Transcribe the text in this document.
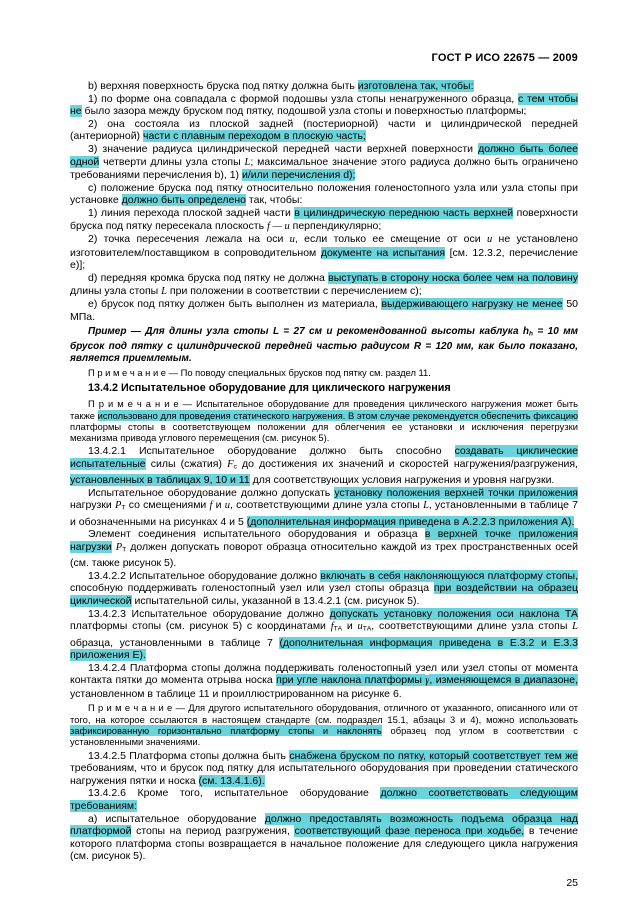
ГОСТ Р ИСО 22675 — 2009

b) верхняя поверхность бруска под пятку должна быть изготовлена так, чтобы:

1) по форме она совпадала с формой подошвы узла стопы ненагруженного образца, с тем чтобы не было зазора между бруском под пятку, подошвой узла стопы и поверхностью платформы;

2) она состояла из плоской задней (постериорной) части и цилиндрической передней (антериорной) части с плавным переходом в плоскую часть;

3) значение радиуса цилиндрической передней части верхней поверхности должно быть более одной четверти длины узла стопы L; максимальное значение этого радиуса должно быть ограничено требованиями перечисления b), 1) и/или перечисления d);

c) положение бруска под пятку относительно положения голеностопного узла или узла стопы при установке должно быть определено так, чтобы:

1) линия перехода плоской задней части в цилиндрическую переднюю часть верхней поверхности бруска под пятку пересекала плоскость f — u перпендикулярно;

2) точка пересечения лежала на оси u, если только ее смещение от оси u не установлено изготовителем/поставщиком в сопроводительном документе на испытания [см. 12.3.2, перечисление e)];

d) передняя кромка бруска под пятку не должна выступать в сторону носка более чем на половину длины узла стопы L при положении в соответствии с перечислением c);

e) брусок под пятку должен быть выполнен из материала, выдерживающего нагрузку не менее 50 МПа.

Пример — Для длины узла стопы L = 27 см и рекомендованной высоты каблука $h_h = 10$ мм брусок под пятку с цилиндрической передней частью радиусом R = 120 мм, как было показано, является приемлемым.

П р и м е ч а н и е — По поводу специальных брусков под пятку см. раздел 11.

13.4.2 Испытательное оборудование для циклического нагружения

П р и м е ч а н и е — Испытательное оборудование для проведения циклического нагружения может быть также использовано для проведения статического нагружения. В этом случае рекомендуется обеспечить фиксацию платформы стопы в соответствующем положении для облегчения ее установки и исключения перегрузки механизма привода углового перемещения (см. рисунок 5).

13.4.2.1 Испытательное оборудование должно быть способно создавать циклические испытательные силы (сжатия) $F_с$ до достижения их значений и скоростей нагружения/разгружения, установленных в таблицах 9, 10 и 11 для соответствующих условия нагружения и уровня нагрузки.

Испытательное оборудование должно допускать установку положения верхней точки приложения нагрузки $P_Т$ со смещениями f и u, соответствующими длине узла стопы L, установленными в таблице 7 и обозначенными на рисунках 4 и 5 (дополнительная информация приведена в А.2.2.3 приложения А).

Элемент соединения испытательного оборудования и образца в верхней точке приложения нагрузки $P_Т$ должен допускать поворот образца относительно каждой из трех пространственных осей (см. также рисунок 5).

13.4.2.2 Испытательное оборудование должно включать в себя наклоняющуюся платформу стопы, способную поддерживать голеностопный узел или узел стопы образца при воздействии на образец циклической испытательной силы, указанной в 13.4.2.1 (см. рисунок 5).

13.4.2.3 Испытательное оборудование должно допускать установку положения оси наклона ТА платформы стопы (см. рисунок 5) с координатами $f_{ТА}$ и $u_{ТА}$, соответствующими длине узла стопы L образца, установленными в таблице 7 (дополнительная информация приведена в Е.3.2 и Е.3.3 приложения Е).

13.4.2.4 Платформа стопы должна поддерживать голеностопный узел или узел стопы от момента контакта пятки до момента отрыва носка при угле наклона платформы γ, изменяющемся в диапазоне, установленном в таблице 11 и проиллюстрированном на рисунке 6.

П р и м е ч а н и е — Для другого испытательного оборудования, отличного от указанного, описанного или от того, на которое ссылаются в настоящем стандарте (см. подраздел 15.1, абзацы 3 и 4), можно использовать зафиксированную горизонтально платформу стопы и наклонять образец под углом в соответствии с установленными значениями.

13.4.2.5 Платформа стопы должна быть снабжена бруском по пятку, который соответствует тем же требованиям, что и брусок под пятку для испытательного оборудования при проведении статического нагружения пятки и носка (см. 13.4.1.6).

13.4.2.6 Кроме того, испытательное оборудование должно соответствовать следующим требованиям:

а) испытательное оборудование должно предоставлять возможность подъема образца над платформой стопы на период разгружения, соответствующий фазе переноса при ходьбе, в течение которого платформа стопы возвращается в начальное положение для следующего цикла нагружения (см. рисунок 5).

25
